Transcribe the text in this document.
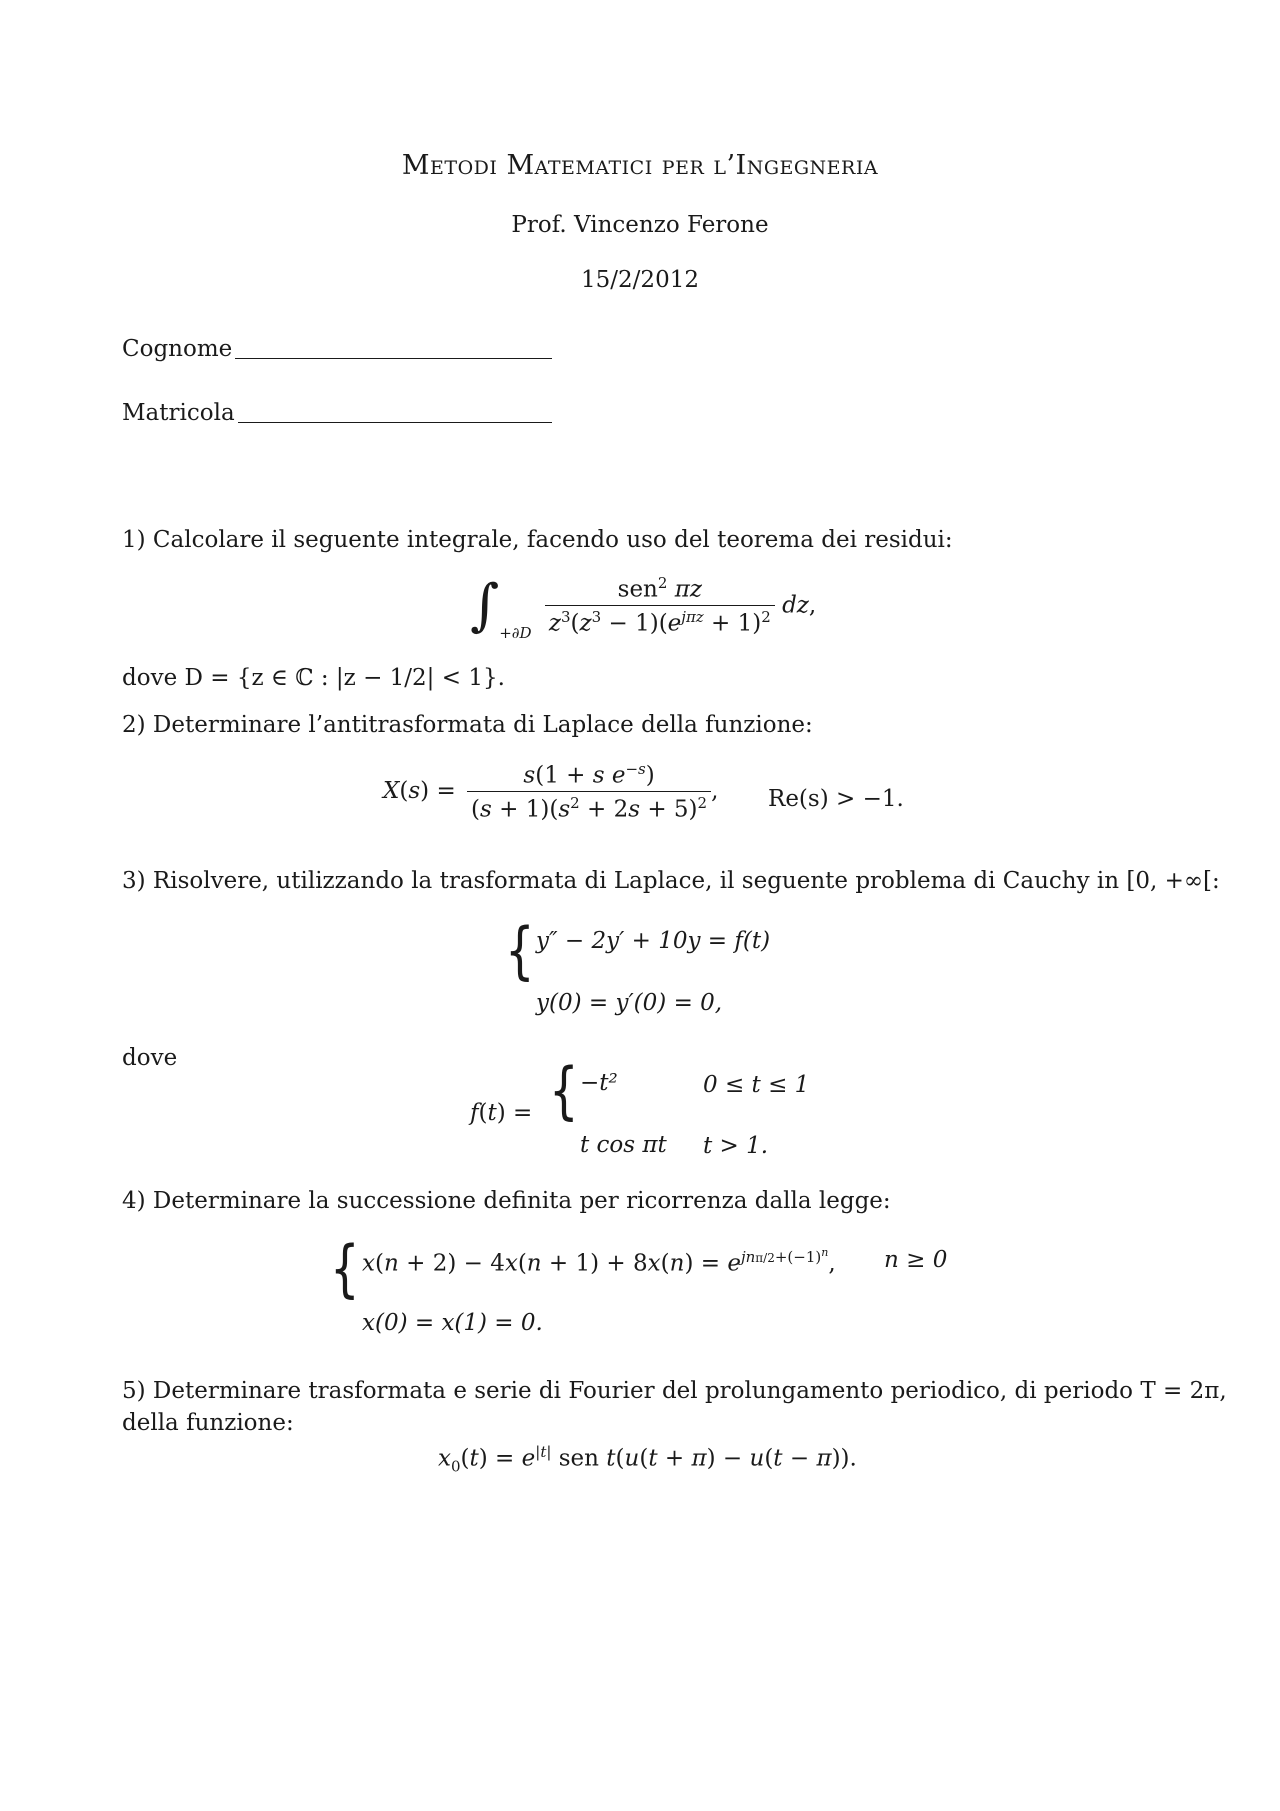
Metodi Matematici per l’Ingegneria
Prof. Vincenzo Ferone
15/2/2012
Cognome
Matricola
1) Calcolare il seguente integrale, facendo uso del teorema dei residui:
$\int_{+\partial D} \frac{sen^2 \pi z}{z^3(z^3 - 1)(e^{j\pi z} + 1)^2}$ dz,
dove D = {z ∈ ℂ : |z − 1/2| < 1}.
2) Determinare l’antitrasformata di Laplace della funzione:
$X(s) = \frac{s(1 + s e^{-s})}{(s + 1)(s^2 + 2s + 5)^2}$ , Re(s) > −1.
3) Risolvere, utilizzando la trasformata di Laplace, il seguente problema di Cauchy in [0, +∞[:
{ y″ − 2y′ + 10y = f(t)
y(0) = y′(0) = 0,
dove
f(t) = { −t²	0 ≤ t ≤ 1
t cos πt t > 1.
4) Determinare la successione definita per ricorrenza dalla legge:
{ $x(n + 2) - 4x(n + 1) + 8x(n) = e^{jn\pi/2+(-1)^n}$, n ≥ 0
x(0) = x(1) = 0.
5) Determinare trasformata e serie di Fourier del prolungamento periodico, di periodo T = 2π,
della funzione:
$x_0(t) = e^{|t|}$ sen t(u(t + π) − u(t − π)).
